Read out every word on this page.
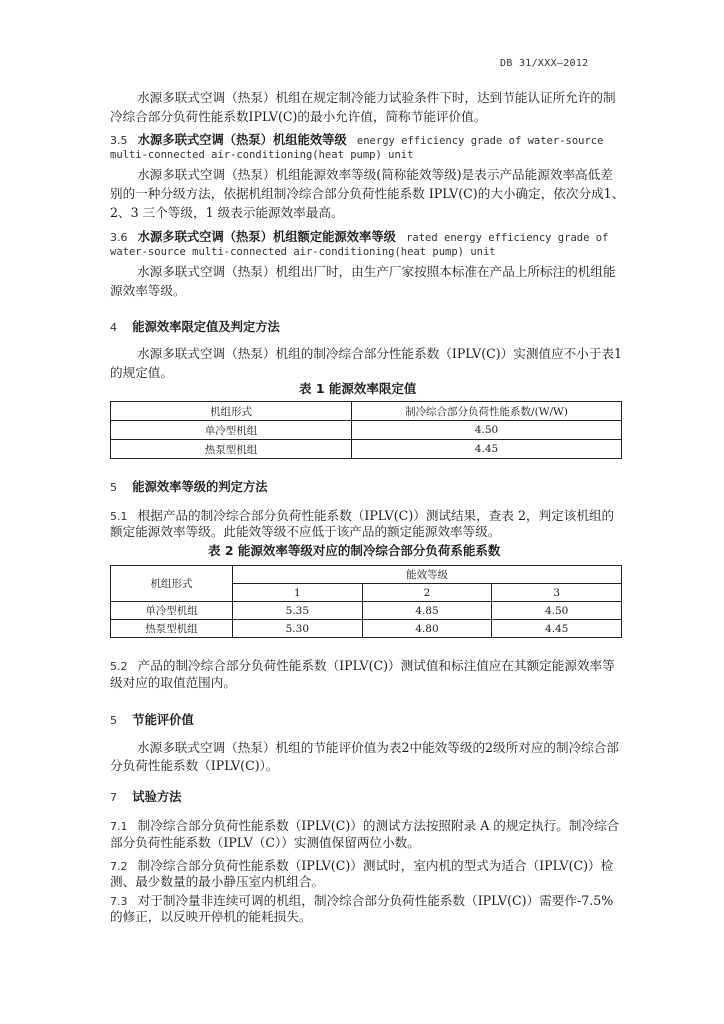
DB 31/XXX—2012
水源多联式空调（热泵）机组在规定制冷能力试验条件下时，达到节能认证所允许的制
冷综合部分负荷性能系数IPLV(C)的最小允许值，简称节能评价值。
3.5 水源多联式空调（热泵）机组能效等级 energy efficiency grade of water-source
multi-connected air-conditioning(heat pump) unit
水源多联式空调（热泵）机组能源效率等级(简称能效等级)是表示产品能源效率高低差
别的一种分级方法，依据机组制冷综合部分负荷性能系数 IPLV(C)的大小确定，依次分成1、
2、3 三个等级，1 级表示能源效率最高。
3.6 水源多联式空调（热泵）机组额定能源效率等级 rated energy efficiency grade of
water-source multi-connected air-conditioning(heat pump) unit
水源多联式空调（热泵）机组出厂时，由生产厂家按照本标准在产品上所标注的机组能
源效率等级。
4 能源效率限定值及判定方法
水源多联式空调（热泵）机组的制冷综合部分性能系数（IPLV(C)）实测值应不小于表1
的规定值。
表 1 能源效率限定值
机组形式	制冷综合部分负荷性能系数/(W/W)
单冷型机组	4.50
热泵型机组	4.45
5 能源效率等级的判定方法
5.1 根据产品的制冷综合部分负荷性能系数（IPLV(C)）测试结果，查表 2，判定该机组的
额定能源效率等级。此能效等级不应低于该产品的额定能源效率等级。
表 2 能源效率等级对应的制冷综合部分负荷系能系数
机组形式	能效等级		
	1	2	3
单冷型机组	5.35	4.85	4.50
热泵型机组	5.30	4.80	4.45
5.2 产品的制冷综合部分负荷性能系数（IPLV(C)）测试值和标注值应在其额定能源效率等
级对应的取值范围内。
5 节能评价值
水源多联式空调（热泵）机组的节能评价值为表2中能效等级的2级所对应的制冷综合部
分负荷性能系数（IPLV(C)）。
7 试验方法
7.1 制冷综合部分负荷性能系数（IPLV(C)）的测试方法按照附录 A 的规定执行。制冷综合
部分负荷性能系数（IPLV（C））实测值保留两位小数。
7.2 制冷综合部分负荷性能系数（IPLV(C)）测试时，室内机的型式为适合（IPLV(C)）检
测、最少数量的最小静压室内机组合。
7.3 对于制冷量非连续可调的机组，制冷综合部分负荷性能系数（IPLV(C)）需要作-7.5%
的修正，以反映开停机的能耗损失。
